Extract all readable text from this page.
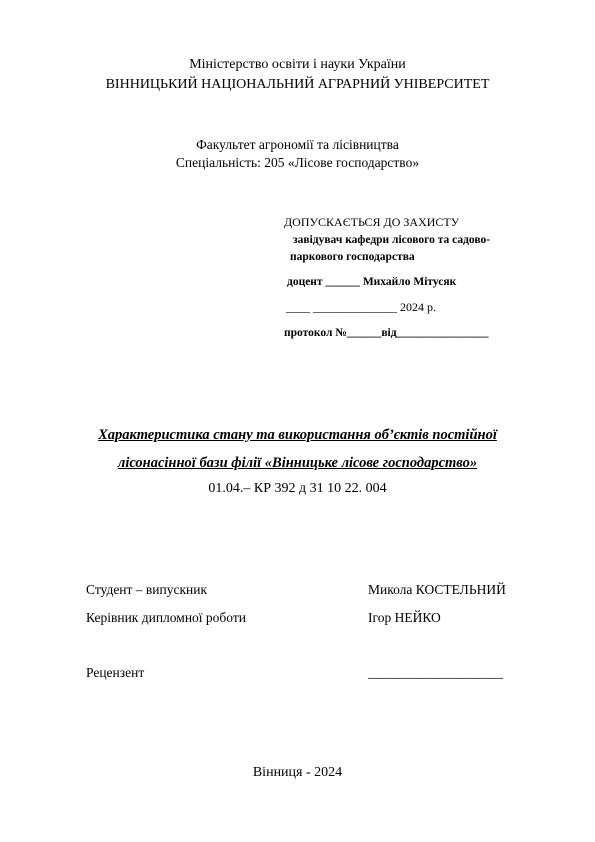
Міністерство освіти і науки України
ВІННИЦЬКИЙ НАЦІОНАЛЬНИЙ АГРАРНИЙ УНІВЕРСИТЕТ
Факультет агрономії та лісівництва
Спеціальність: 205 «Лісове господарство»
ДОПУСКАЄТЬСЯ ДО ЗАХИСТУ
завідувач кафедри лісового та садово-
паркового господарства
доцент ______ Михайло Мітусяк
____ ______________ 2024 р.
протокол №______від________________
Характеристика стану та використання об’єктів постійної
лісонасінної бази філії «Вінницьке лісове господарство»
01.04.– КР 392 д 31 10 22. 004
Студент – випускник	Микола КОСТЕЛЬНИЙ
Керівник дипломної роботи	Ігор НЕЙКО
Рецензент	____________________
Вінниця - 2024
